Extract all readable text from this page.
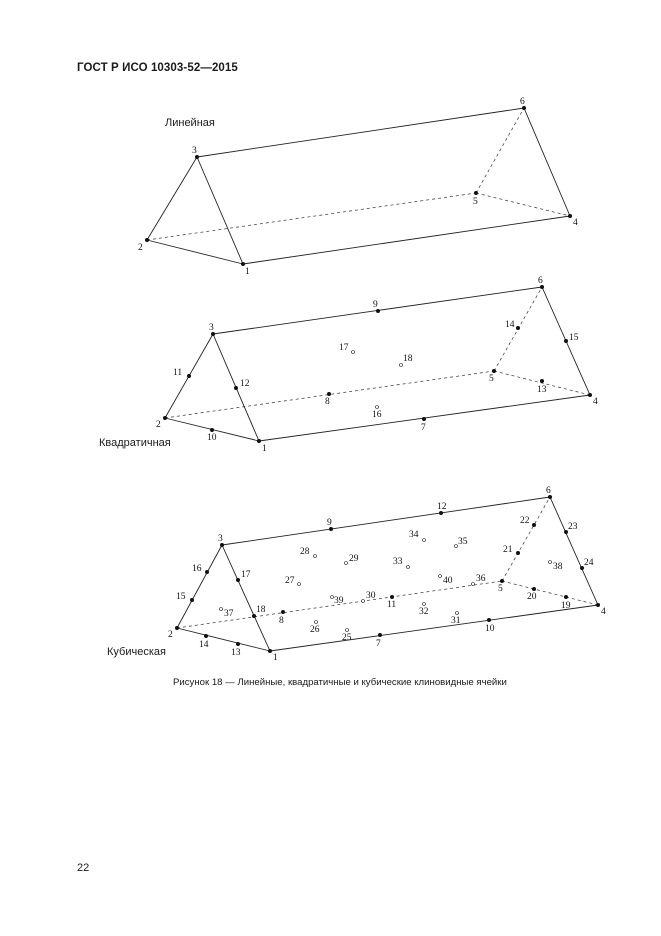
ГОСТ Р ИСО 10303-52—2015
Линейная
Квадратичная
Кубическая
1
2
3
4
5
6
1
2
3
4
5
6
7
8
9
10
11
12
13
14
15
16
17
18
1
2
3
4
5
6
7
8
9
10
11
12
13
14
15
16
17
18	19
20
21
22
23
24
25
26
27
28
29
30
31
32
33
34
35
36
37
38
39
40
Рисунок 18 — Линейные, квадратичные и кубические клиновидные ячейки
22
